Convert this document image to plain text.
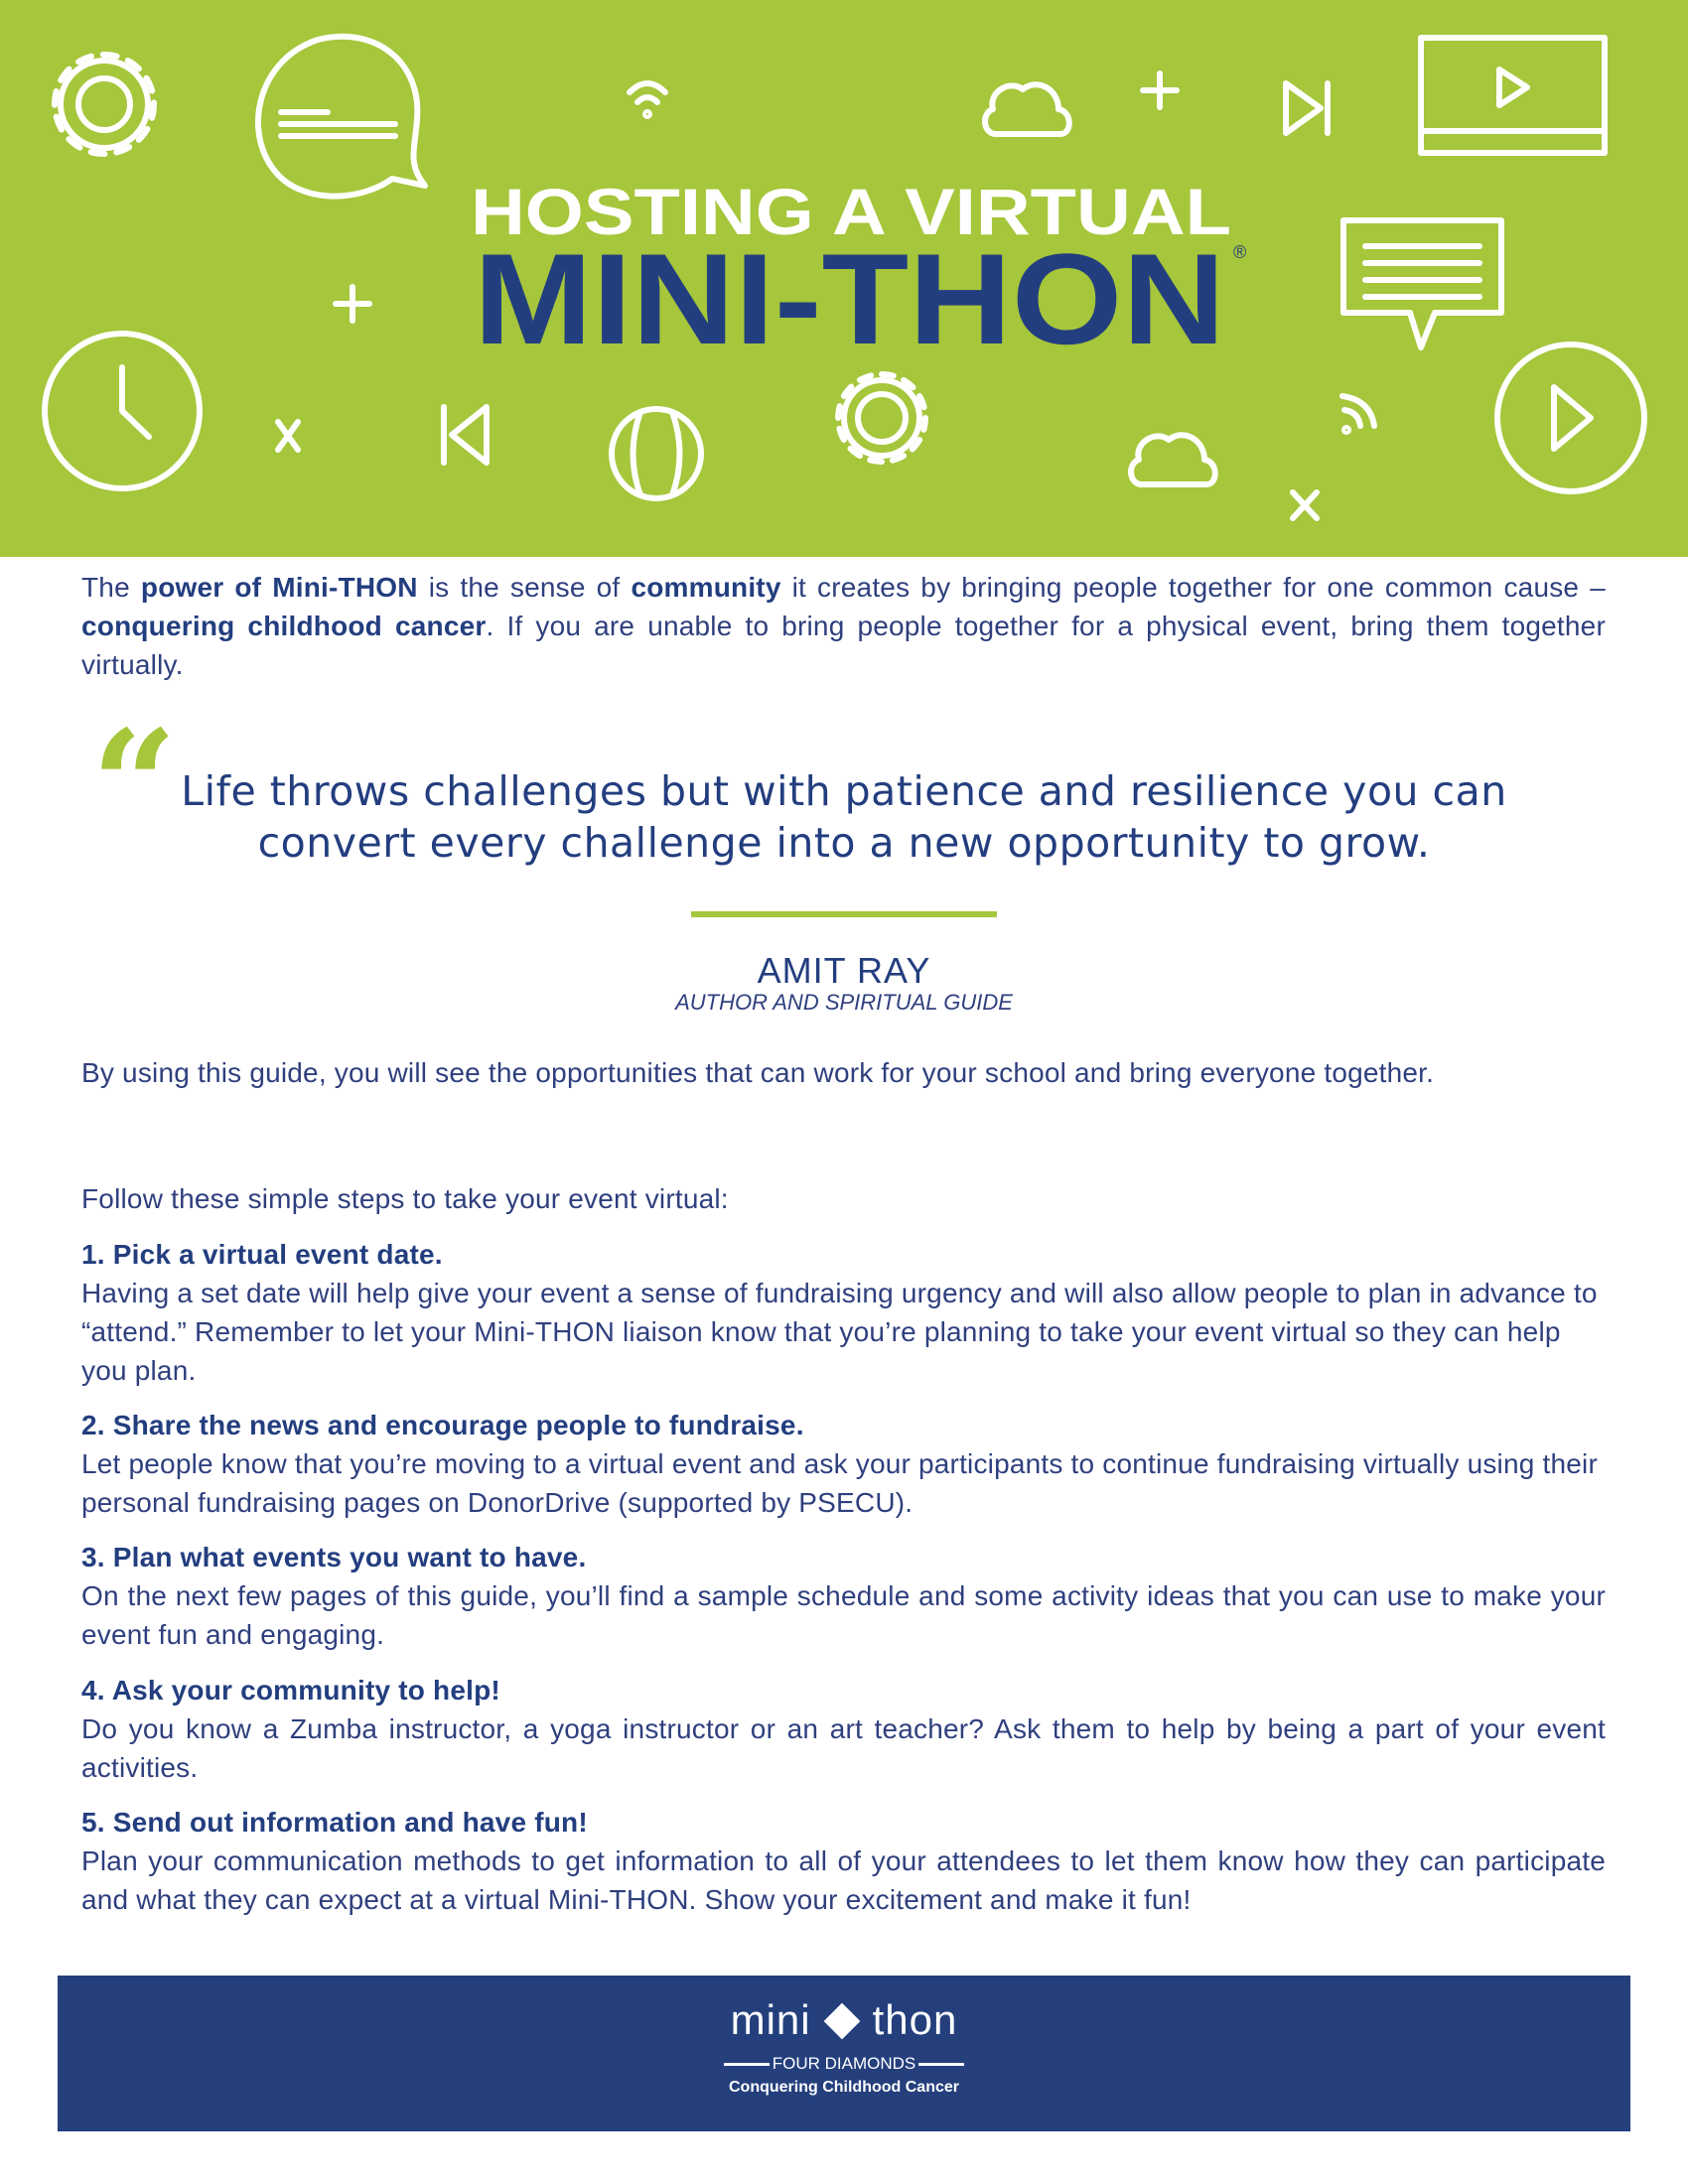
HOSTING A VIRTUAL
MINI-THON ®
The power of Mini-THON is the sense of community it creates by bringing people together for one common cause – conquering childhood cancer. If you are unable to bring people together for a physical event, bring them together virtually.
“ Life throws challenges but with patience and resilience you can
convert every challenge into a new opportunity to grow.
AMIT RAY
AUTHOR AND SPIRITUAL GUIDE
By using this guide, you will see the opportunities that can work for your school and bring everyone together.
Follow these simple steps to take your event virtual:
1. Pick a virtual event date.
Having a set date will help give your event a sense of fundraising urgency and will also allow people to plan in advance to “attend.” Remember to let your Mini-THON liaison know that you’re planning to take your event virtual so they can help you plan.
2. Share the news and encourage people to fundraise.
Let people know that you’re moving to a virtual event and ask your participants to continue fundraising virtually using their personal fundraising pages on DonorDrive (supported by PSECU).
3. Plan what events you want to have.
On the next few pages of this guide, you’ll find a sample schedule and some activity ideas that you can use to make your event fun and engaging.
4. Ask your community to help!
Do you know a Zumba instructor, a yoga instructor or an art teacher? Ask them to help by being a part of your event activities.
5. Send out information and have fun!
Plan your communication methods to get information to all of your attendees to let them know how they can participate and what they can expect at a virtual Mini-THON. Show your excitement and make it fun!
mini thon
FOUR DIAMONDS
Conquering Childhood Cancer
